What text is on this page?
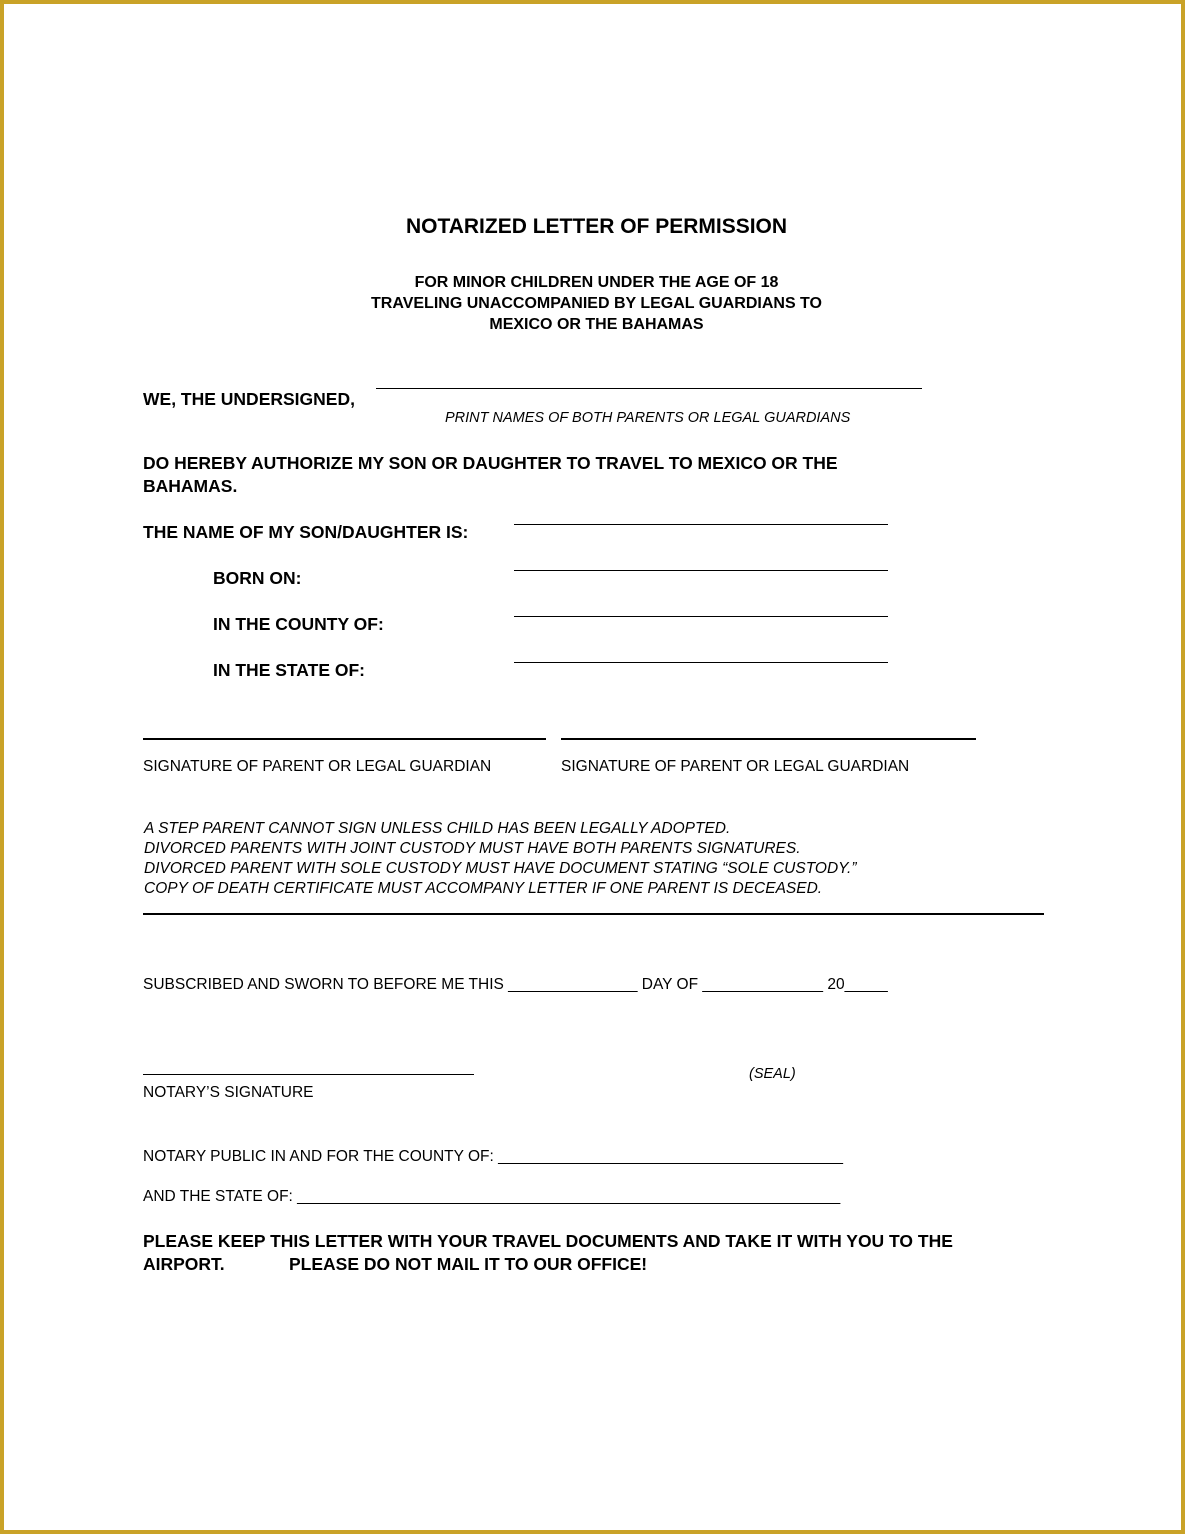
NOTARIZED LETTER OF PERMISSION
FOR MINOR CHILDREN UNDER THE AGE OF 18
TRAVELING UNACCOMPANIED BY LEGAL GUARDIANS TO
MEXICO OR THE BAHAMAS
WE, THE UNDERSIGNED,
PRINT NAMES OF BOTH PARENTS OR LEGAL GUARDIANS
DO HEREBY AUTHORIZE MY SON OR DAUGHTER TO TRAVEL TO MEXICO OR THE
BAHAMAS.
THE NAME OF MY SON/DAUGHTER IS:
BORN ON:
IN THE COUNTY OF:
IN THE STATE OF:
SIGNATURE OF PARENT OR LEGAL GUARDIAN	SIGNATURE OF PARENT OR LEGAL GUARDIAN
A STEP PARENT CANNOT SIGN UNLESS CHILD HAS BEEN LEGALLY ADOPTED.
DIVORCED PARENTS WITH JOINT CUSTODY MUST HAVE BOTH PARENTS SIGNATURES.
DIVORCED PARENT WITH SOLE CUSTODY MUST HAVE DOCUMENT STATING “SOLE CUSTODY.”
COPY OF DEATH CERTIFICATE MUST ACCOMPANY LETTER IF ONE PARENT IS DECEASED.
SUBSCRIBED AND SWORN TO BEFORE ME THIS _______________ DAY OF ______________ 20_____
NOTARY’S SIGNATURE
(SEAL)
NOTARY PUBLIC IN AND FOR THE COUNTY OF: ________________________________________
AND THE STATE OF: _______________________________________________________________
PLEASE KEEP THIS LETTER WITH YOUR TRAVEL DOCUMENTS AND TAKE IT WITH YOU TO THE
AIRPORT.	PLEASE DO NOT MAIL IT TO OUR OFFICE!
